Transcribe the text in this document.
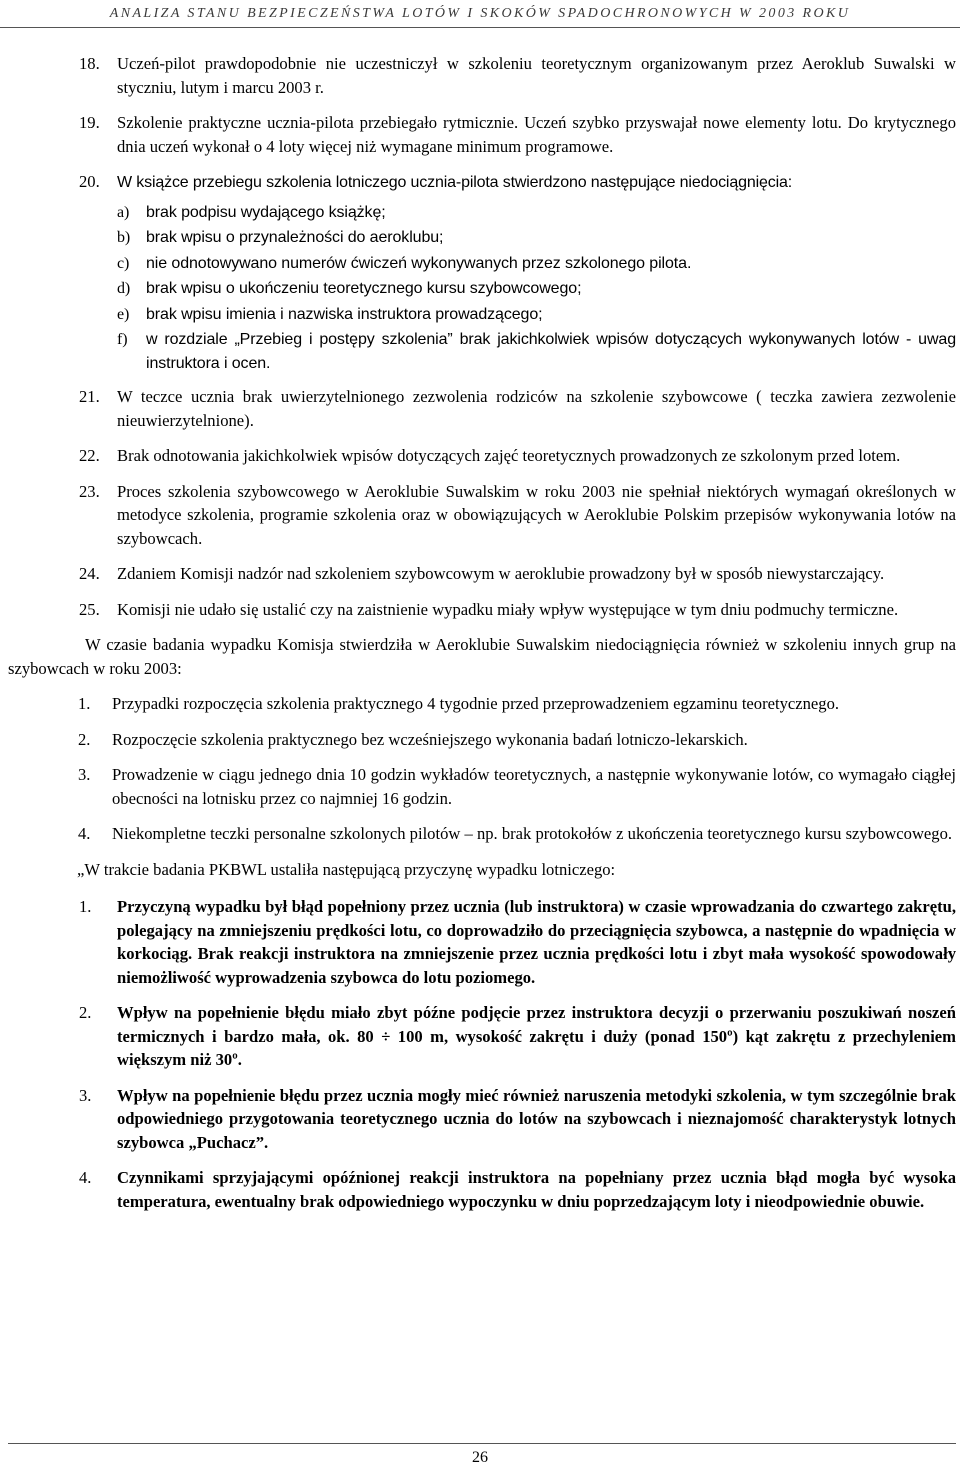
ANALIZA STANU BEZPIECZEŃSTWA LOTÓW I SKOKÓW SPADOCHRONOWYCH W 2003 ROKU
18. Uczeń-pilot prawdopodobnie nie uczestniczył w szkoleniu teoretycznym organizowanym przez Aeroklub Suwalski w styczniu, lutym i marcu 2003 r.
19. Szkolenie praktyczne ucznia-pilota przebiegało rytmicznie. Uczeń szybko przyswajał nowe elementy lotu. Do krytycznego dnia uczeń wykonał o 4 loty więcej niż wymagane minimum programowe.
20. W książce przebiegu szkolenia lotniczego ucznia-pilota stwierdzono następujące niedociągnięcia:
a) brak podpisu wydającego książkę;
b) brak wpisu o przynależności do aeroklubu;
c) nie odnotowywano numerów ćwiczeń wykonywanych przez szkolonego pilota.
d) brak wpisu o ukończeniu teoretycznego kursu szybowcowego;
e) brak wpisu imienia i nazwiska instruktora prowadzącego;
f) w rozdziale „Przebieg i postępy szkolenia” brak jakichkolwiek wpisów dotyczących wykonywanych lotów - uwag instruktora i ocen.
21. W teczce ucznia brak uwierzytelnionego zezwolenia rodziców na szkolenie szybowcowe ( teczka zawiera zezwolenie nieuwierzytelnione).
22. Brak odnotowania jakichkolwiek wpisów dotyczących zajęć teoretycznych prowadzonych ze szkolonym przed lotem.
23. Proces szkolenia szybowcowego w Aeroklubie Suwalskim w roku 2003 nie spełniał niektórych wymagań określonych w metodyce szkolenia, programie szkolenia oraz w obowiązujących w Aeroklubie Polskim przepisów wykonywania lotów na szybowcach.
24. Zdaniem Komisji nadzór nad szkoleniem szybowcowym w aeroklubie prowadzony był w sposób niewystarczający.
25. Komisji nie udało się ustalić czy na zaistnienie wypadku miały wpływ występujące w tym dniu podmuchy termiczne.
W czasie badania wypadku Komisja stwierdziła w Aeroklubie Suwalskim niedociągnięcia również w szkoleniu innych grup na szybowcach w roku 2003:
1. Przypadki rozpoczęcia szkolenia praktycznego 4 tygodnie przed przeprowadzeniem egzaminu teoretycznego.
2. Rozpoczęcie szkolenia praktycznego bez wcześniejszego wykonania badań lotniczo-lekarskich.
3. Prowadzenie w ciągu jednego dnia 10 godzin wykładów teoretycznych, a następnie wykonywanie lotów, co wymagało ciągłej obecności na lotnisku przez co najmniej 16 godzin.
4. Niekompletne teczki personalne szkolonych pilotów – np. brak protokołów z ukończenia teoretycznego kursu szybowcowego.
„W trakcie badania PKBWL ustaliła następującą przyczynę wypadku lotniczego:
1. Przyczyną wypadku był błąd popełniony przez ucznia (lub instruktora) w czasie wprowadzania do czwartego zakrętu, polegający na zmniejszeniu prędkości lotu, co doprowadziło do przeciągnięcia szybowca, a następnie do wpadnięcia w korkociąg. Brak reakcji instruktora na zmniejszenie przez ucznia prędkości lotu i zbyt mała wysokość spowodowały niemożliwość wyprowadzenia szybowca do lotu poziomego.
2. Wpływ na popełnienie błędu miało zbyt późne podjęcie przez instruktora decyzji o przerwaniu poszukiwań noszeń termicznych i bardzo mała, ok. 80 ÷ 100 m, wysokość zakrętu i duży (ponad 150º) kąt zakrętu z przechyleniem większym niż 30º.
3. Wpływ na popełnienie błędu przez ucznia mogły mieć również naruszenia metodyki szkolenia, w tym szczególnie brak odpowiedniego przygotowania teoretycznego ucznia do lotów na szybowcach i nieznajomość charakterystyk lotnych szybowca „Puchacz”.
4. Czynnikami sprzyjającymi opóźnionej reakcji instruktora na popełniany przez ucznia błąd mogła być wysoka temperatura, ewentualny brak odpowiedniego wypoczynku w dniu poprzedzającym loty i nieodpowiednie obuwie.
26
